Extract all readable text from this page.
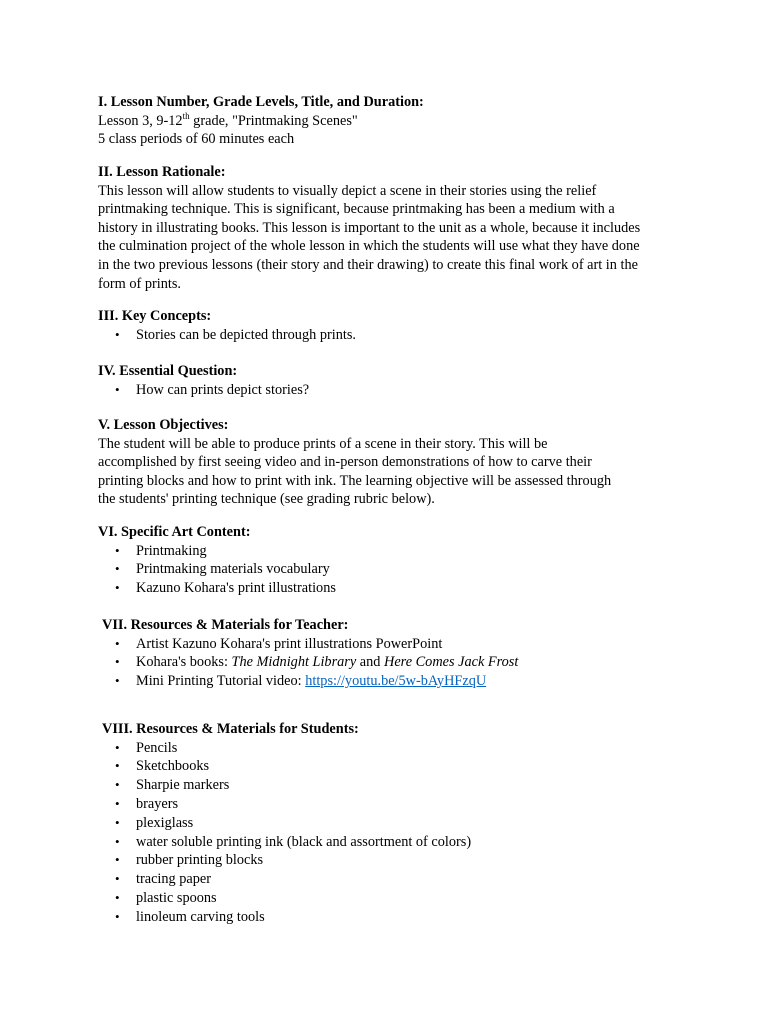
I. Lesson Number, Grade Levels, Title, and Duration:
Lesson 3, 9-12th grade, "Printmaking Scenes"
5 class periods of 60 minutes each
II. Lesson Rationale:
This lesson will allow students to visually depict a scene in their stories using the relief
printmaking technique. This is significant, because printmaking has been a medium with a
history in illustrating books. This lesson is important to the unit as a whole, because it includes
the culmination project of the whole lesson in which the students will use what they have done
in the two previous lessons (their story and their drawing) to create this final work of art in the
form of prints.
III. Key Concepts:
• Stories can be depicted through prints.
IV. Essential Question:
• How can prints depict stories?
V. Lesson Objectives:
The student will be able to produce prints of a scene in their story. This will be
accomplished by first seeing video and in-person demonstrations of how to carve their
printing blocks and how to print with ink. The learning objective will be assessed through
the students' printing technique (see grading rubric below).
VI. Specific Art Content:
• Printmaking
• Printmaking materials vocabulary
• Kazuno Kohara's print illustrations
VII. Resources & Materials for Teacher:
• Artist Kazuno Kohara's print illustrations PowerPoint
• Kohara's books: The Midnight Library and Here Comes Jack Frost
• Mini Printing Tutorial video: https://youtu.be/5w-bAyHFzqU
VIII. Resources & Materials for Students:
• Pencils
• Sketchbooks
• Sharpie markers
• brayers
• plexiglass
• water soluble printing ink (black and assortment of colors)
• rubber printing blocks
• tracing paper
• plastic spoons
• linoleum carving tools
